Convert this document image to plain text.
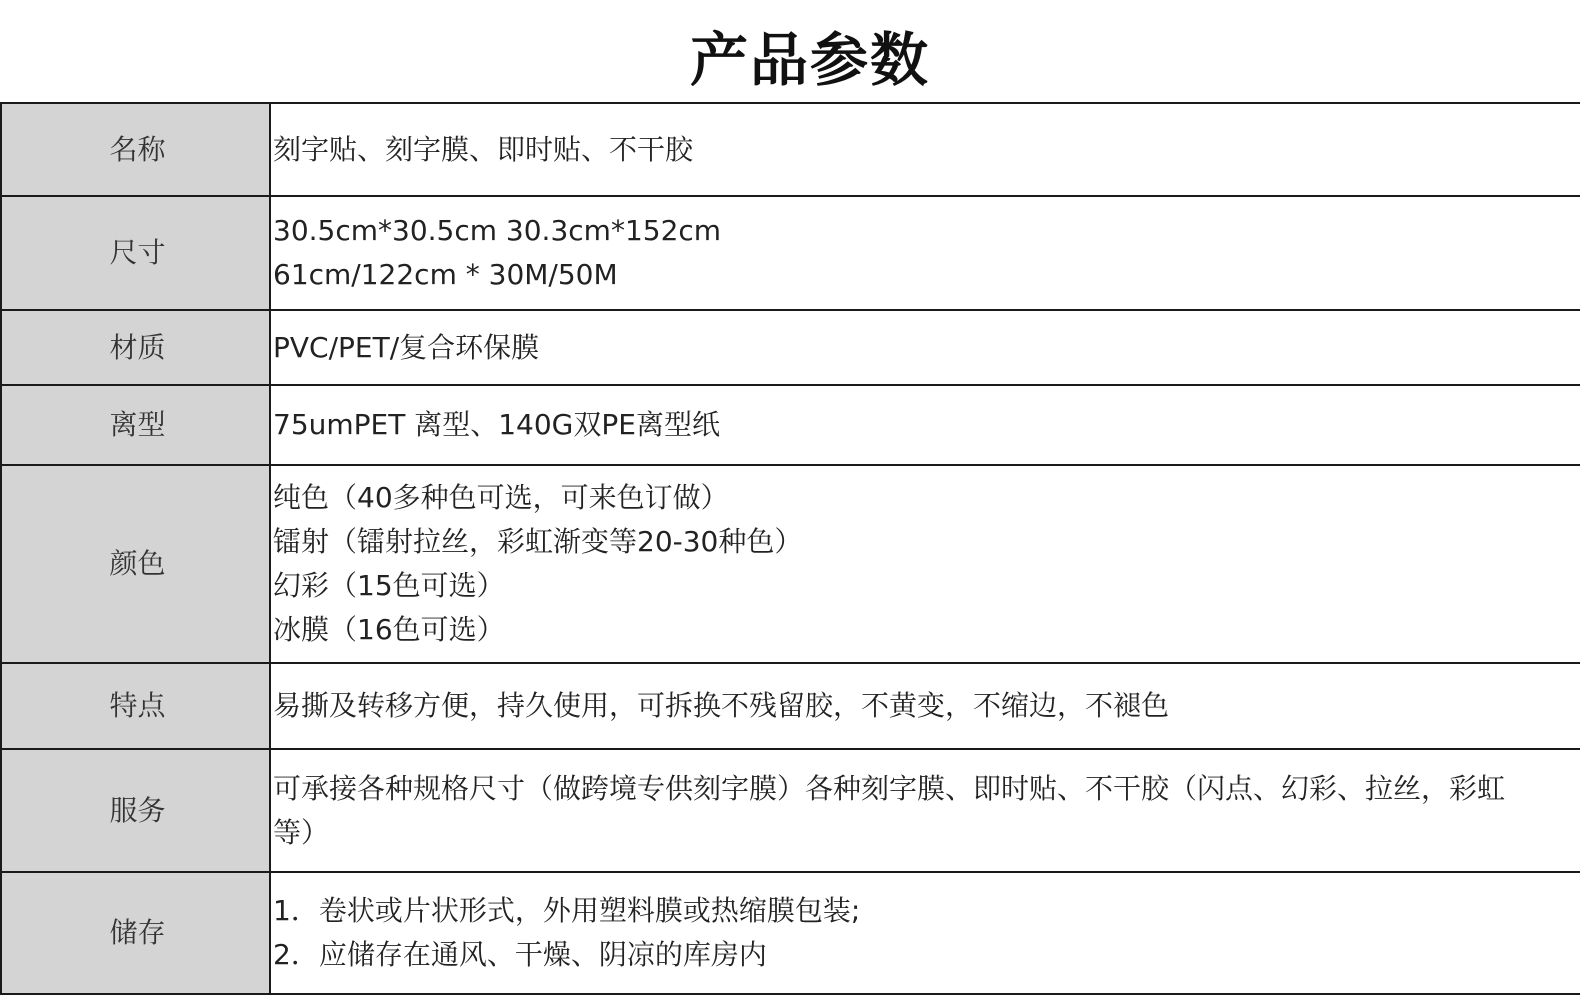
产品参数
名称	刻字贴、刻字膜、即时贴、不干胶

尺寸	30.5cm*30.5cm 30.3cm*152cm
61cm/122cm * 30M/50M

材质	PVC/PET/复合环保膜

离型	75umPET 离型、140G双PE离型纸

颜色	纯色（40多种色可选，可来色订做）
镭射（镭射拉丝，彩虹渐变等20-30种色）
幻彩（15色可选）
冰膜（16色可选）

特点	易撕及转移方便，持久使用，可拆换不残留胶，不黄变，不缩边，不褪色

服务	可承接各种规格尺寸（做跨境专供刻字膜）各种刻字膜、即时贴、不干胶（闪点、幻彩、拉丝，彩虹
等）

储存	1．卷状或片状形式，外用塑料膜或热缩膜包装;
2．应储存在通风、干燥、阴凉的库房内
